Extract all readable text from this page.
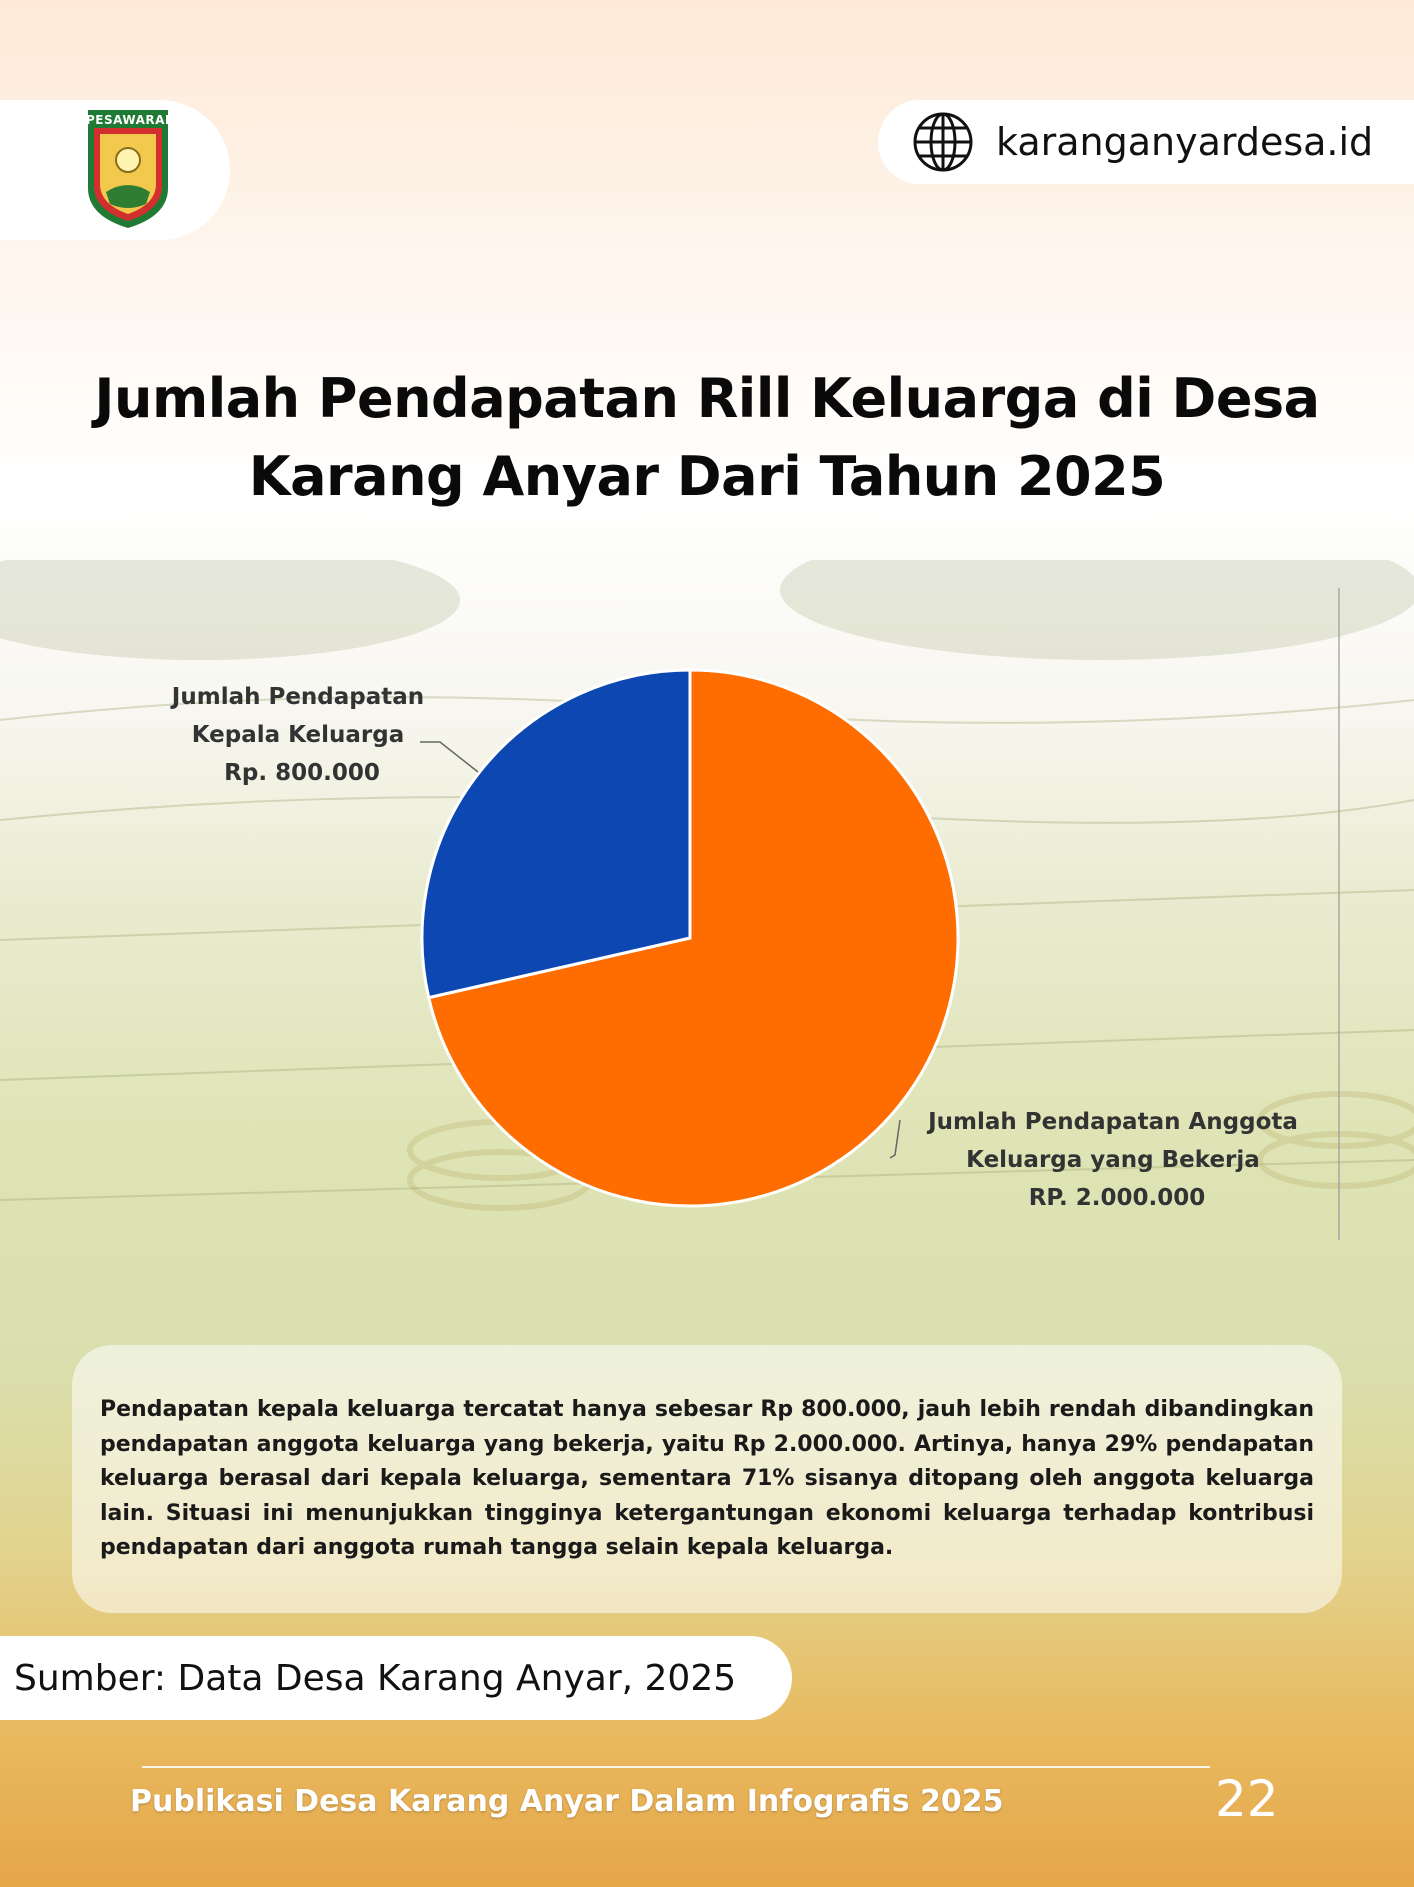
PESAWARAN	karanganyardesa.id
Jumlah Pendapatan Rill Keluarga di Desa
Karang Anyar Dari Tahun 2025
Jumlah Pendapatan Kepala Keluarga Rp. 800.000
Jumlah Pendapatan Anggota Keluarga yang Bekerja RP. 2.000.000
Pendapatan kepala keluarga tercatat hanya sebesar Rp 800.000, jauh lebih rendah dibandingkan pendapatan anggota keluarga yang bekerja, yaitu Rp 2.000.000. Artinya, hanya 29% pendapatan keluarga berasal dari kepala keluarga, sementara 71% sisanya ditopang oleh anggota keluarga lain. Situasi ini menunjukkan tingginya ketergantungan ekonomi keluarga terhadap kontribusi pendapatan dari anggota rumah tangga selain kepala keluarga.
Sumber: Data Desa Karang Anyar, 2025
Publikasi Desa Karang Anyar Dalam Infografis 2025	22
